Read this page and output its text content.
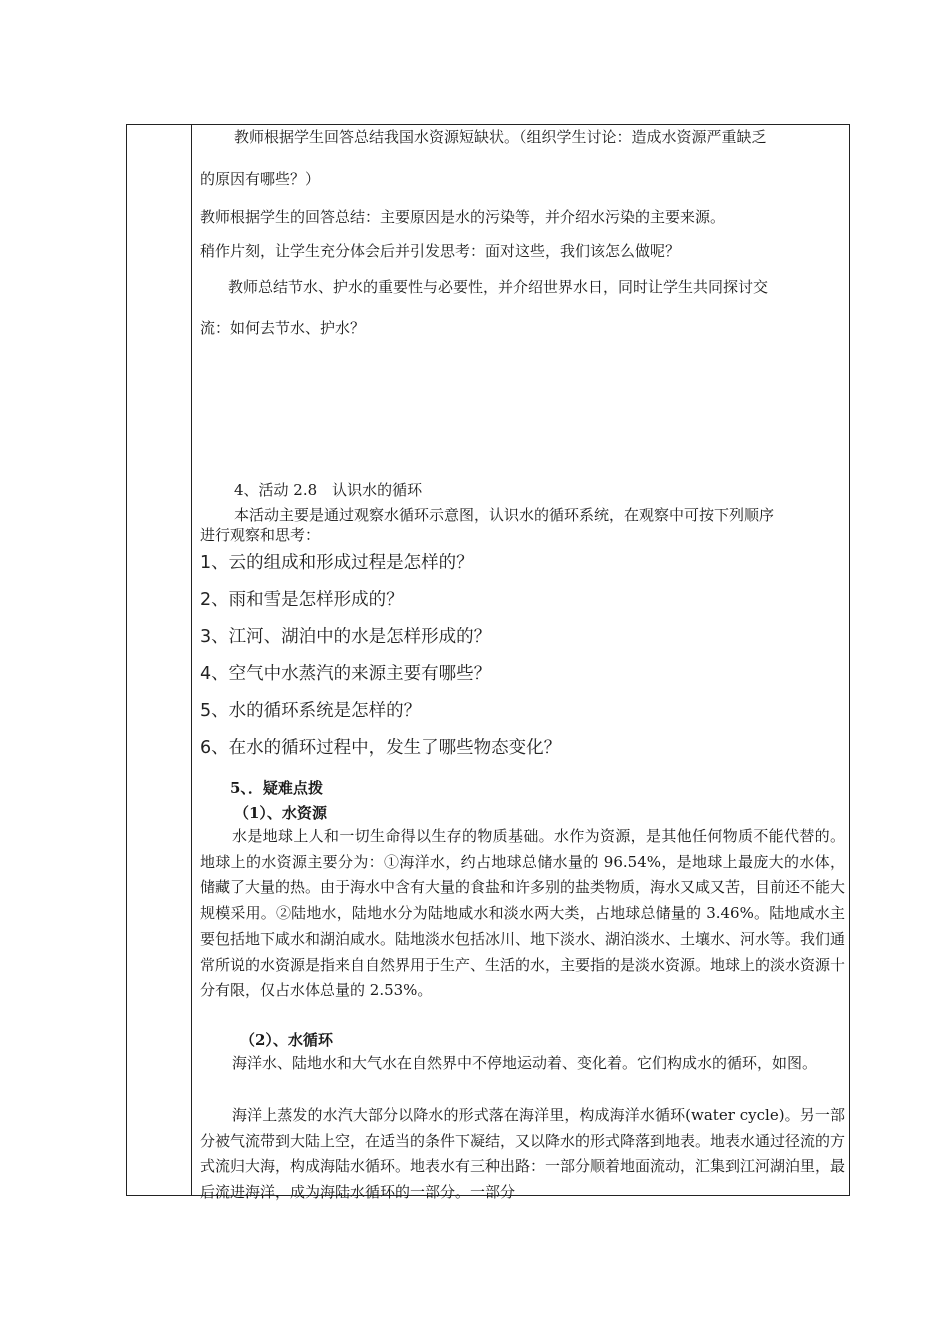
教师根据学生回答总结我国水资源短缺状。（组织学生讨论：造成水资源严重缺乏
的原因有哪些？）
教师根据学生的回答总结：主要原因是水的污染等，并介绍水污染的主要来源。
稍作片刻，让学生充分体会后并引发思考：面对这些，我们该怎么做呢？
教师总结节水、护水的重要性与必要性，并介绍世界水日，同时让学生共同探讨交
流：如何去节水、护水？
4、活动 2.8　认识水的循环
本活动主要是通过观察水循环示意图，认识水的循环系统，在观察中可按下列顺序
进行观察和思考：
1、云的组成和形成过程是怎样的？
2、雨和雪是怎样形成的？
3、江河、湖泊中的水是怎样形成的？
4、空气中水蒸汽的来源主要有哪些？
5、水的循环系统是怎样的？
6、在水的循环过程中，发生了哪些物态变化？
5、．疑难点拨
（1）、水资源
水是地球上人和一切生命得以生存的物质基础。水作为资源，是其他任何物质不能代替的。地球上的水资源主要分为：①海洋水，约占地球总储水量的 96.54%，是地球上最庞大的水体，储藏了大量的热。由于海水中含有大量的食盐和许多别的盐类物质，海水又咸又苦，目前还不能大规模采用。②陆地水，陆地水分为陆地咸水和淡水两大类，占地球总储量的 3.46%。陆地咸水主要包括地下咸水和湖泊咸水。陆地淡水包括冰川、地下淡水、湖泊淡水、土壤水、河水等。我们通常所说的水资源是指来自自然界用于生产、生活的水，主要指的是淡水资源。地球上的淡水资源十分有限，仅占水体总量的 2.53%。
（2）、水循环
海洋水、陆地水和大气水在自然界中不停地运动着、变化着。它们构成水的循环，如图。
海洋上蒸发的水汽大部分以降水的形式落在海洋里，构成海洋水循环(water cycle)。另一部分被气流带到大陆上空，在适当的条件下凝结，又以降水的形式降落到地表。地表水通过径流的方式流归大海，构成海陆水循环。地表水有三种出路：一部分顺着地面流动，汇集到江河湖泊里，最后流进海洋，成为海陆水循环的一部分。一部分
